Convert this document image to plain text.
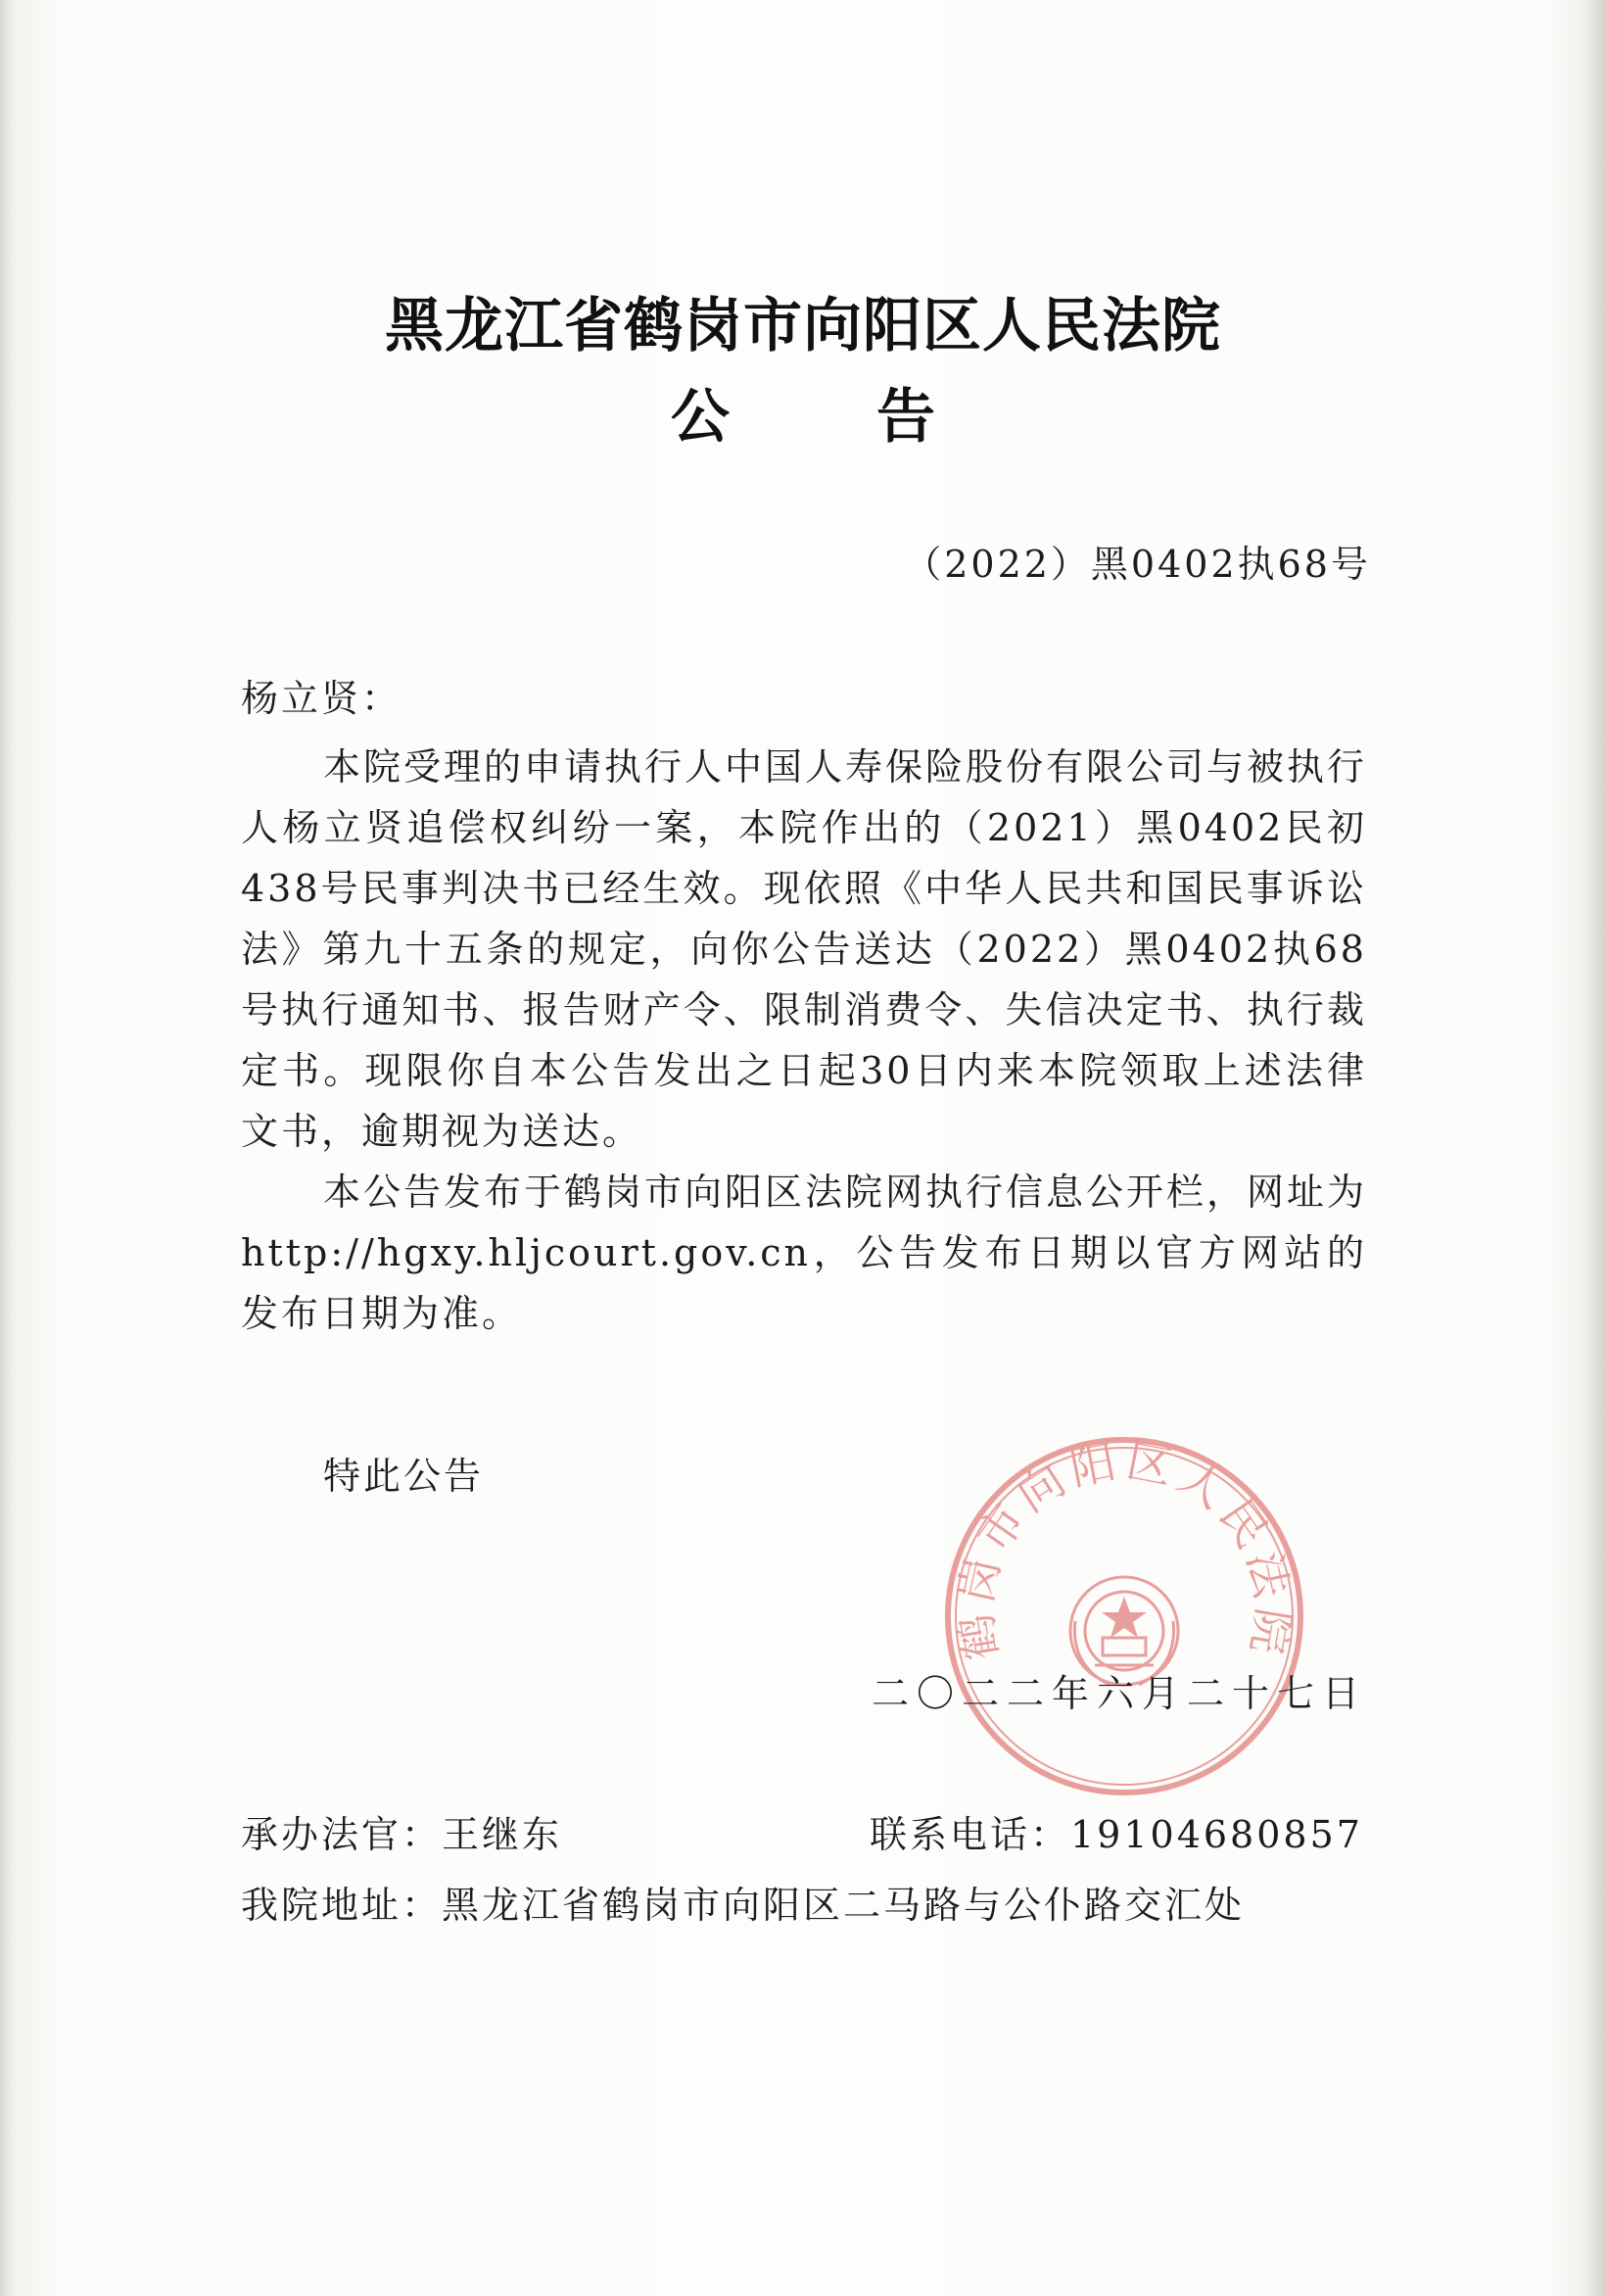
黑龙江省鹤岗市向阳区人民法院
公告
（2022）黑0402执68号
杨立贤：

本院受理的申请执行人中国人寿保险股份有限公司与被执行人杨立贤追偿权纠纷一案，本院作出的（2021）黑0402民初438号民事判决书已经生效。现依照《中华人民共和国民事诉讼法》第九十五条的规定，向你公告送达（2022）黑0402执68号执行通知书、报告财产令、限制消费令、失信决定书、执行裁定书。现限你自本公告发出之日起30日内来本院领取上述法律文书，逾期视为送达。

本公告发布于鹤岗市向阳区法院网执行信息公开栏，网址为 http://hgxy.hljcourt.gov.cn，公告发布日期以官方网站的发布日期为准。

特此公告
鹤岗市向阳区人民法院
二〇二二年六月二十七日
承办法官：王继东	联系电话：19104680857
我院地址：黑龙江省鹤岗市向阳区二马路与公仆路交汇处
